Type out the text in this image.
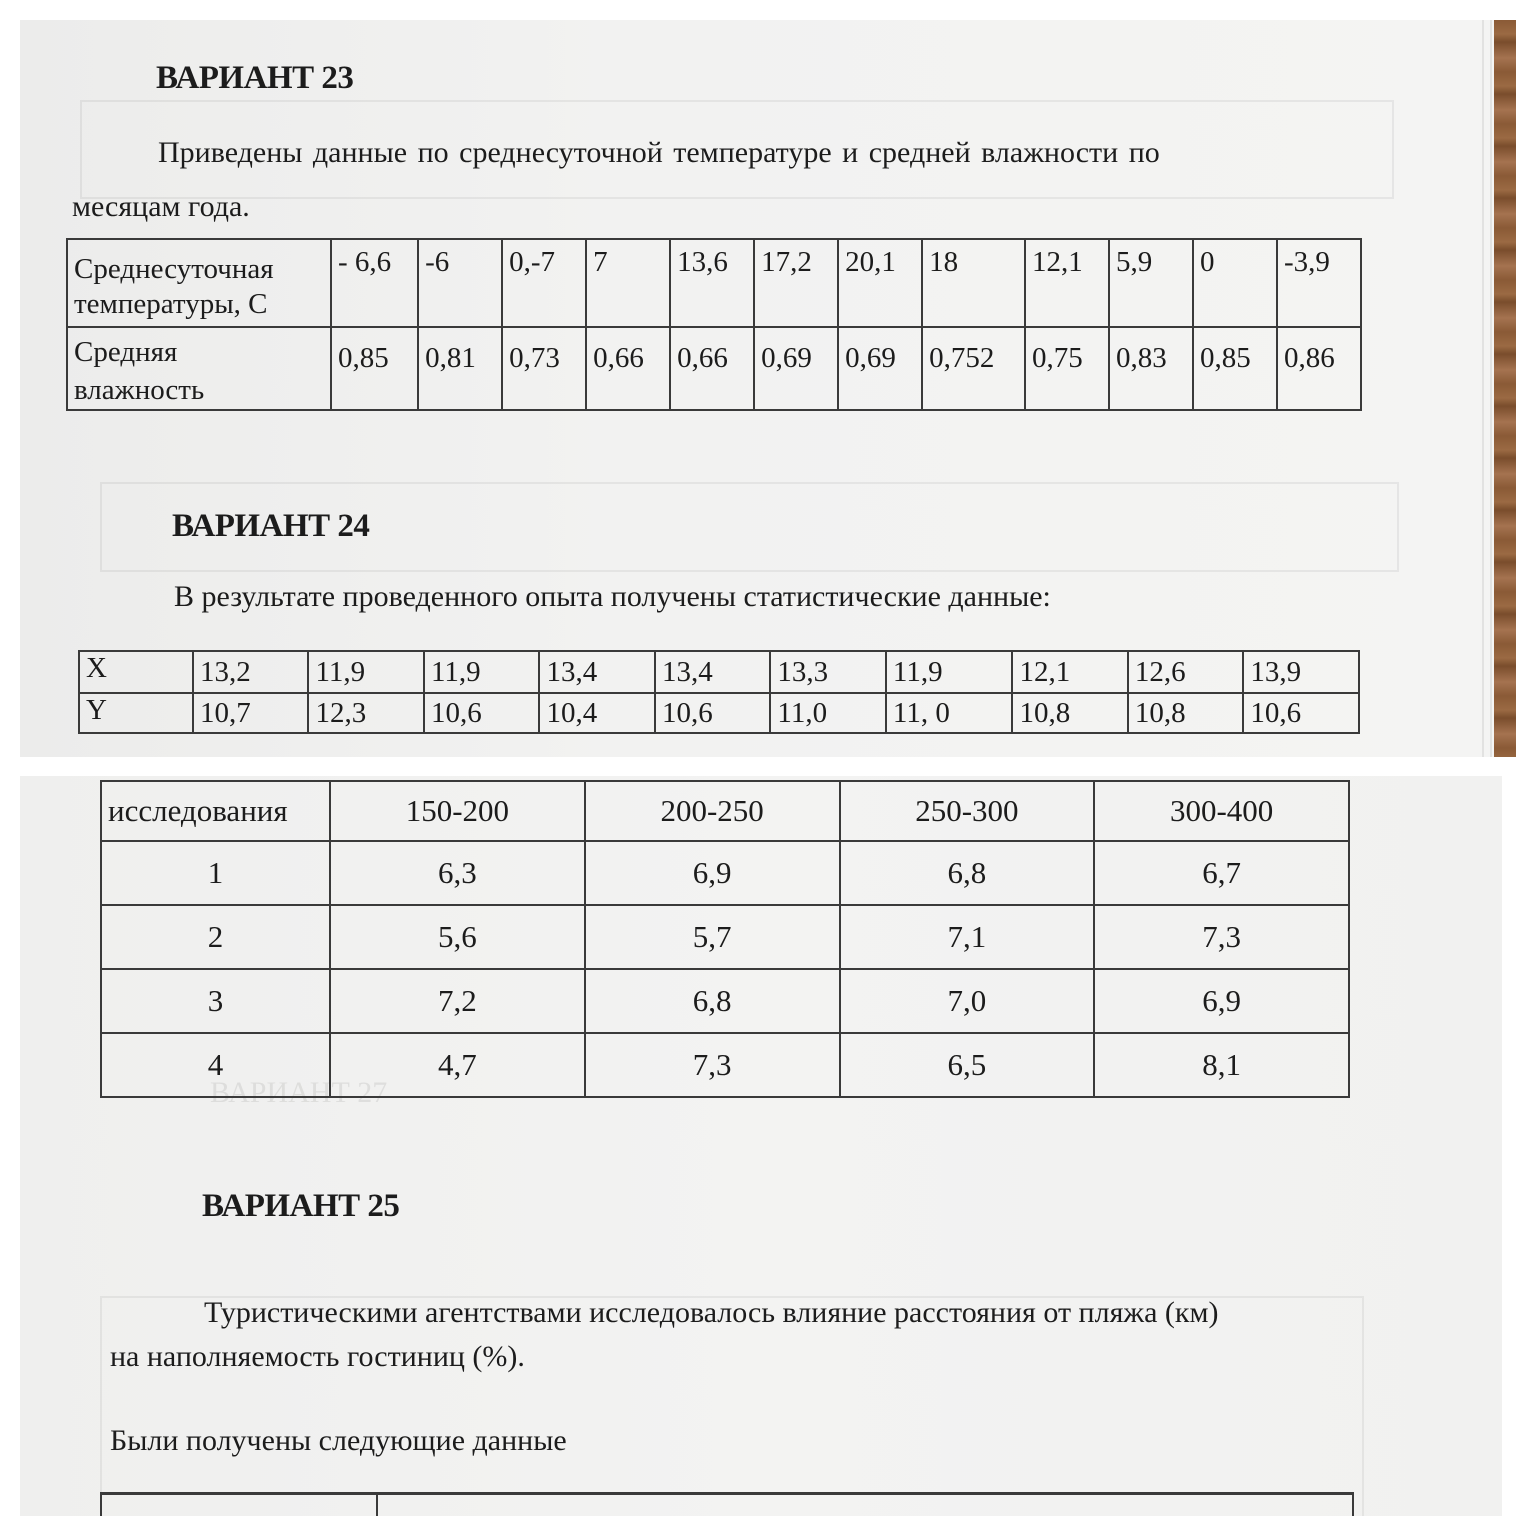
ВАРИАНТ 23
Приведены данные по среднесуточной температуре и средней влажности по
месяцам года.
Среднесуточная
температуры, С	- 6,6	-6	0,-7	7	13,6	17,2	20,1	18	12,1	5,9	0	-3,9

Средняя
влажность	0,85	0,81	0,73	0,66	0,66	0,69	0,69	0,752	0,75	0,83	0,85	0,86
ВАРИАНТ 24
В результате проведенного опыта получены статистические данные:
X	13,2	11,9	11,9	13,4	13,4	13,3	11,9	12,1	12,6	13,9
Y	10,7	12,3	10,6	10,4	10,6	11,0	11, 0	10,8	10,8	10,6
ВАРИАНТ 27
исследования	150-200	200-250	250-300	300-400
1	6,3	6,9	6,8	6,7
2	5,6	5,7	7,1	7,3
3	7,2	6,8	7,0	6,9
4	4,7	7,3	6,5	8,1
ВАРИАНТ 25
Туристическими агентствами исследовалось влияние расстояния от пляжа (км)
на наполняемость гостиниц (%).
Были получены следующие данные
